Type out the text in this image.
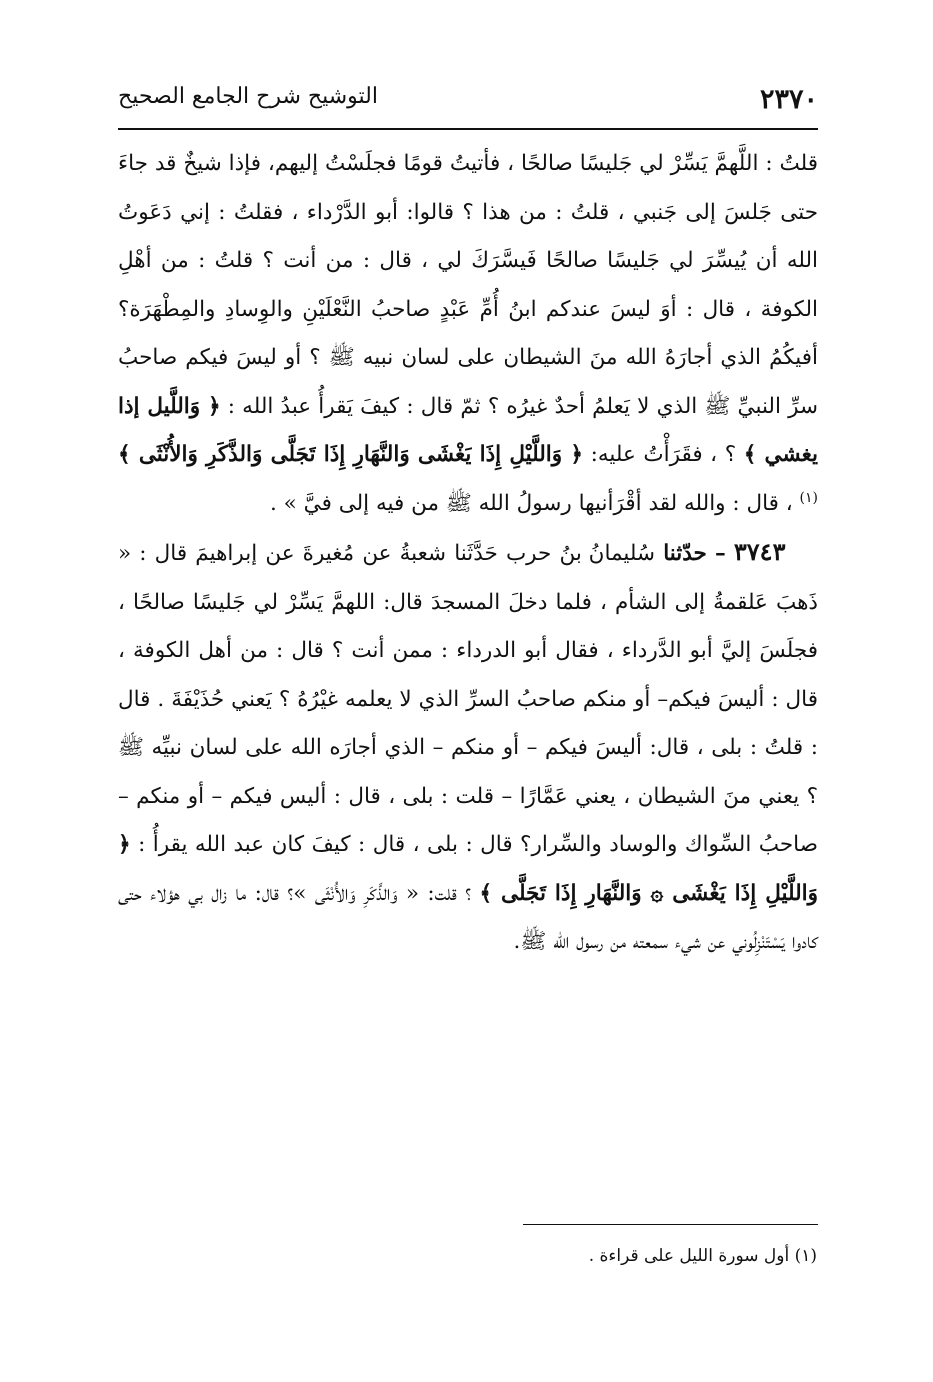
٢٣٧٠
التوشيح شرح الجامع الصحيح

قلتُ : اللَّهمَّ يَسِّرْ لي جَليسًا صالحًا ، فأتيتُ قومًا فجلَسْتُ إليهم، فإذا شيخٌ قد جاءَ حتى جَلسَ إلى جَنبي ، قلتُ : من هذا ؟ قالوا: أبو الدَّرْداء ، فقلتُ : إني دَعَوتُ الله أن يُيسِّرَ لي جَليسًا صالحًا فَيسَّرَكَ لي ، قال : من أنت ؟ قلتُ : من أهْلِ الكوفة ، قال : أوَ ليسَ عندكم ابنُ أُمِّ عَبْدٍ صاحبُ النَّعْلَيْنِ والوِسادِ والمِطْهَرَة؟ أفيكُمُ الذي أجارَهُ الله منَ الشيطان على لسان نبيه ﷺ ؟ أو ليسَ فيكم صاحبُ سرِّ النبيِّ ﷺ الذي لا يَعلمُ أحدٌ غيرُه ؟ ثمّ قال : كيفَ يَقرأُ عبدُ الله : ﴿ وَاللَّيل إذا يغشي ﴾ ؟ ، فقَرَأْتُ عليه: ﴿ وَاللَّيْلِ إِذَا يَغْشَى وَالنَّهَارِ إِذَا تَجَلَّى وَالذَّكَرِ وَالأُنْثَى ﴾ $^{(١)}$ ، قال : والله لقد أقْرَأنيها رسولُ الله ﷺ من فيه إلى فيَّ » .

٣٧٤٣ – حدّثنا سُليمانُ بنُ حرب حَدَّثَنا شعبةُ عن مُغيرةَ عن إبراهيمَ قال : « ذَهبَ عَلقمةُ إلى الشأم ، فلما دخلَ المسجدَ قال: اللهمَّ يَسِّرْ لي جَليسًا صالحًا ، فجلَسَ إليَّ أبو الدَّرداء ، فقال أبو الدرداء : ممن أنت ؟ قال : من أهل الكوفة ، قال : أليسَ فيكم– أو منكم صاحبُ السرِّ الذي لا يعلمه غيْرُهُ ؟ يَعني حُذَيْفَةَ . قال : قلتُ : بلى ، قال: أليسَ فيكم – أو منكم – الذي أجارَه الله على لسان نبيِّه ﷺ ؟ يعني منَ الشيطان ، يعني عَمَّارًا – قلت : بلى ، قال : أليس فيكم – أو منكم – صاحبُ السِّواك والوساد والسِّرار؟ قال : بلى ، قال : كيفَ كان عبد الله يقرأُ : ﴿ وَاللَّيْلِ إِذَا يَغْشَى ۞ وَالنَّهَارِ إِذَا تَجَلَّى ﴾ ؟ قلت: « وَالذَّكَرِ وَالأُنْثَى »؟ قال: ما زال بي هؤلاء حتى كادوا يَسْتَنْزِلُوني عن شيء سمعته من رسول الله ﷺ.

(١) أول سورة الليل على قراءة .
